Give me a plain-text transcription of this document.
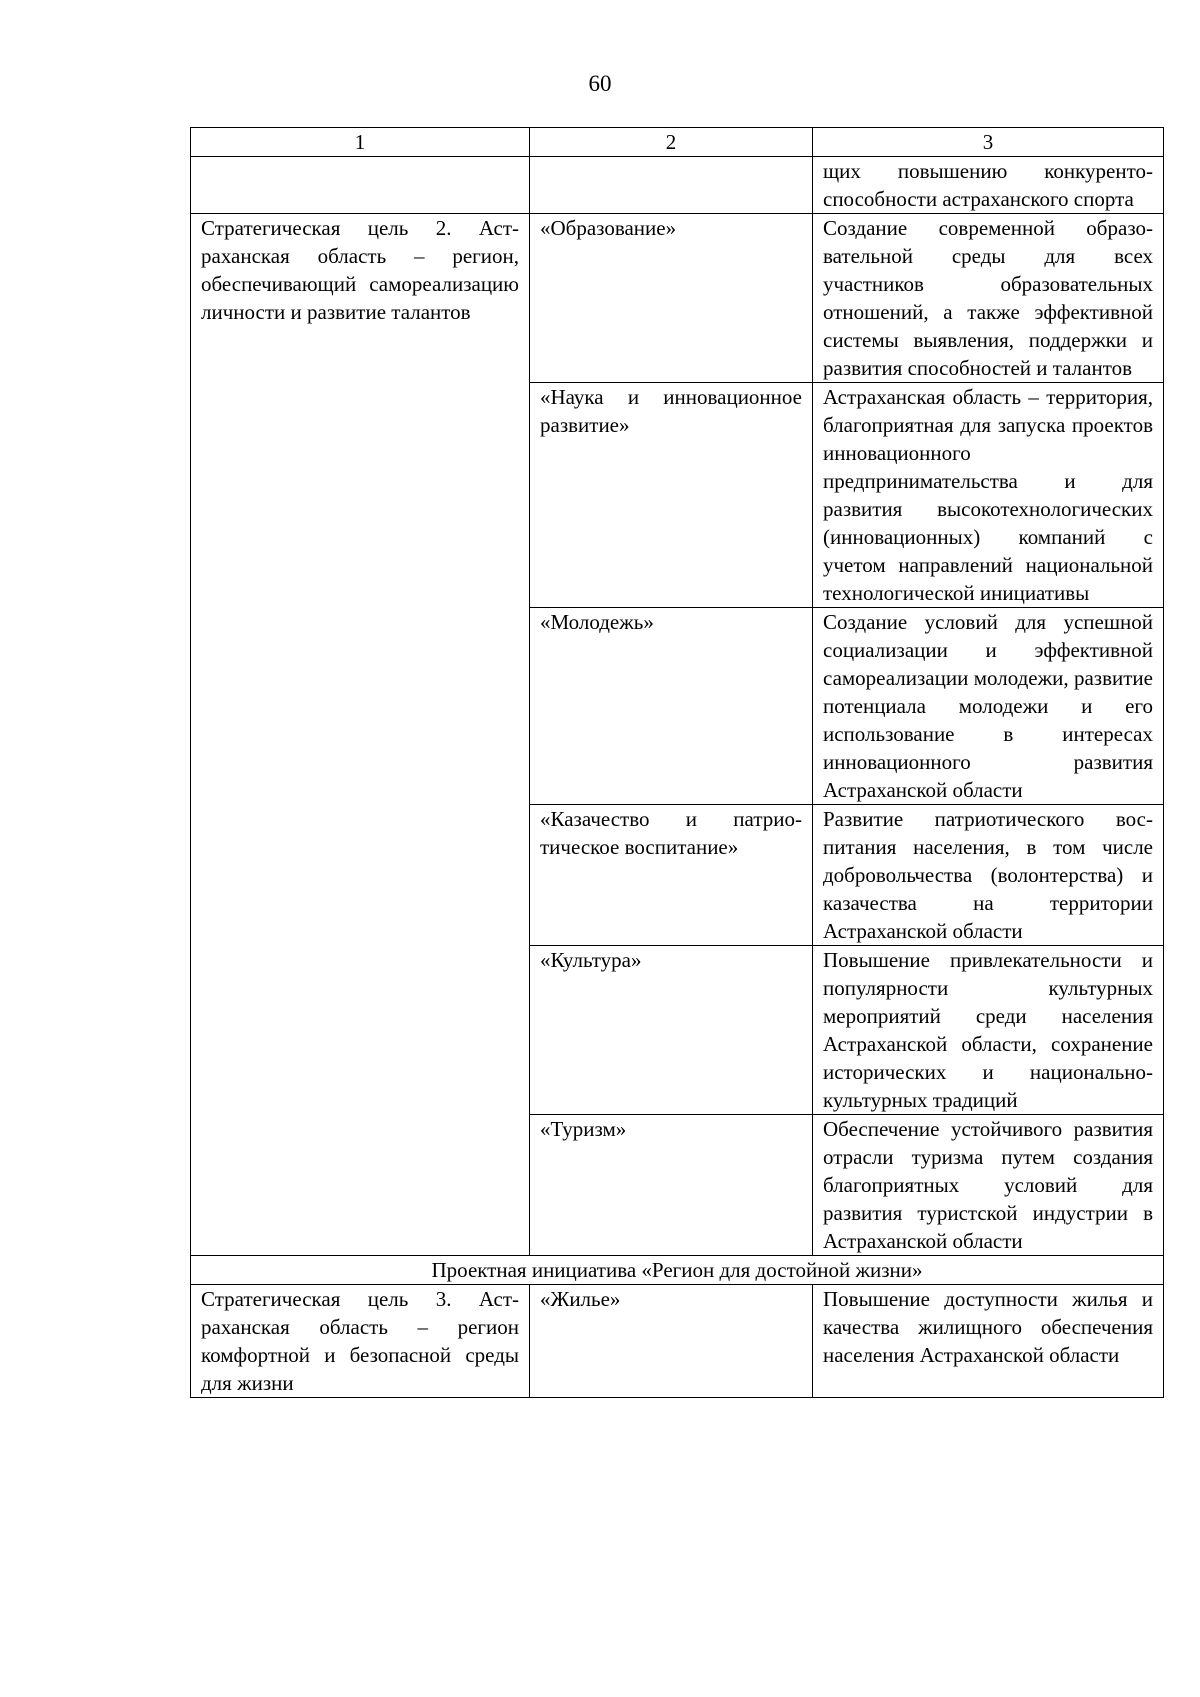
60
1	2	3
		щих повышению конкурентоспособности астраханского спорта
Стратегическая цель 2. Астраханская область – регион, обеспечивающий самореализацию личности и развитие талантов	«Образование»	Создание современной образовательной среды для всех участников образовательных отношений, а также эффективной системы выявления, поддержки и развития способностей и талантов
	«Наука и инновационное развитие»	Астраханская область – территория, благоприятная для запуска проектов инновационного предпринимательства и для развития высокотехнологических (инновационных) компаний с учетом направлений национальной технологической инициативы
	«Молодежь»	Создание условий для успешной социализации и эффективной самореализации молодежи, развитие потенциала молодежи и его использование в интересах инновационного развития Астраханской области
	«Казачество и патриотическое воспитание»	Развитие патриотического воспитания населения, в том числе добровольчества (волонтерства) и казачества на территории Астраханской области
	«Культура»	Повышение привлекательности и популярности культурных мероприятий среди населения Астраханской области, сохранение исторических и национально-культурных традиций
	«Туризм»	Обеспечение устойчивого развития отрасли туризма путем создания благоприятных условий для развития туристской индустрии в Астраханской области
Проектная инициатива «Регион для достойной жизни»		
Стратегическая цель 3. Астраханская область – регион комфортной и безопасной среды для жизни	«Жилье»	Повышение доступности жилья и качества жилищного обеспечения населения Астраханской области
